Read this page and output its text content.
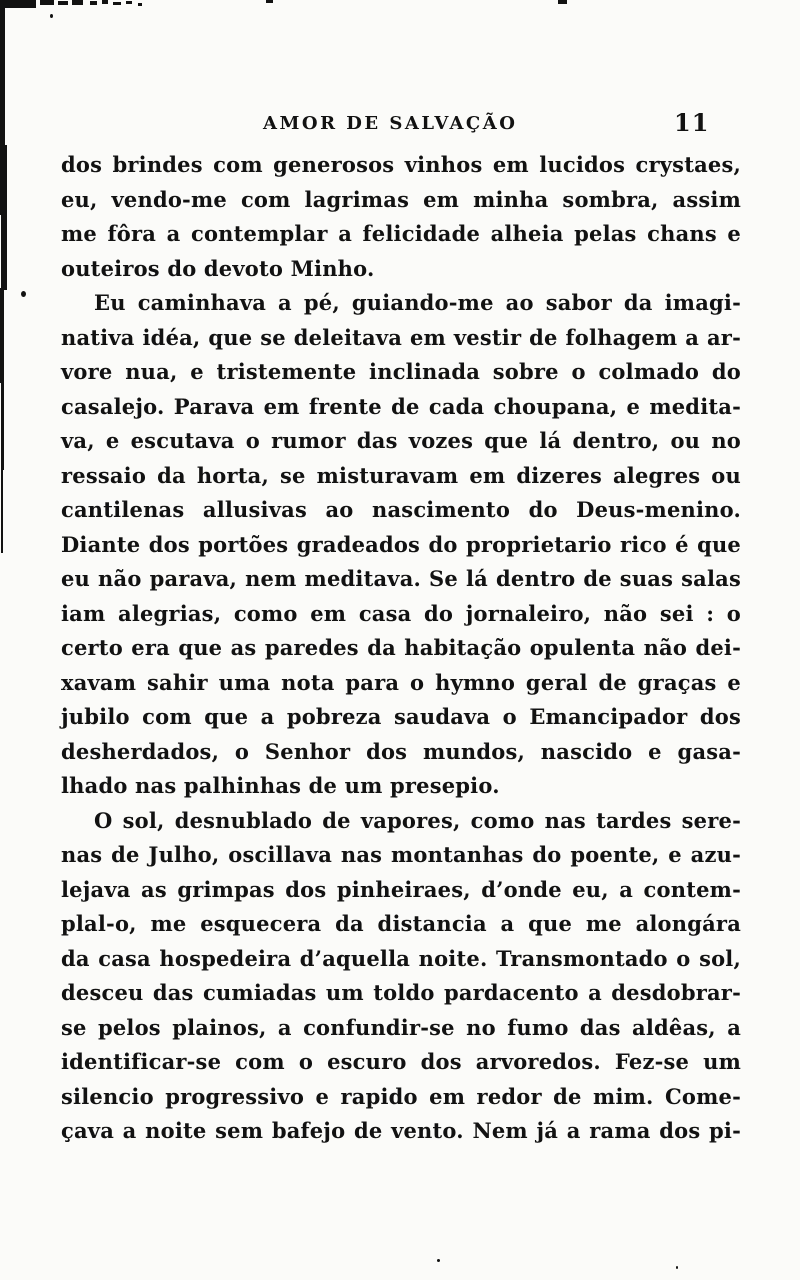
AMOR DE SALVAÇÃO	11
dos brindes com generosos vinhos em lucidos crystaes,
eu, vendo-me com lagrimas em minha sombra, assim
me fôra a contemplar a felicidade alheia pelas chans e
outeiros do devoto Minho.
Eu caminhava a pé, guiando-me ao sabor da imagi-
nativa idéa, que se deleitava em vestir de folhagem a ar-
vore nua, e tristemente inclinada sobre o colmado do
casalejo. Parava em frente de cada choupana, e medita-
va, e escutava o rumor das vozes que lá dentro, ou no
ressaio da horta, se misturavam em dizeres alegres ou
cantilenas allusivas ao nascimento do Deus-menino.
Diante dos portões gradeados do proprietario rico é que
eu não parava, nem meditava. Se lá dentro de suas salas
iam alegrias, como em casa do jornaleiro, não sei : o
certo era que as paredes da habitação opulenta não dei-
xavam sahir uma nota para o hymno geral de graças e
jubilo com que a pobreza saudava o Emancipador dos
desherdados, o Senhor dos mundos, nascido e gasa-
lhado nas palhinhas de um presepio.
O sol, desnublado de vapores, como nas tardes sere-
nas de Julho, oscillava nas montanhas do poente, e azu-
lejava as grimpas dos pinheiraes, d’onde eu, a contem-
plal-o, me esquecera da distancia a que me alongára
da casa hospedeira d’aquella noite. Transmontado o sol,
desceu das cumiadas um toldo pardacento a desdobrar-
se pelos plainos, a confundir-se no fumo das aldêas, a
identificar-se com o escuro dos arvoredos. Fez-se um
silencio progressivo e rapido em redor de mim. Come-
çava a noite sem bafejo de vento. Nem já a rama dos pi-
